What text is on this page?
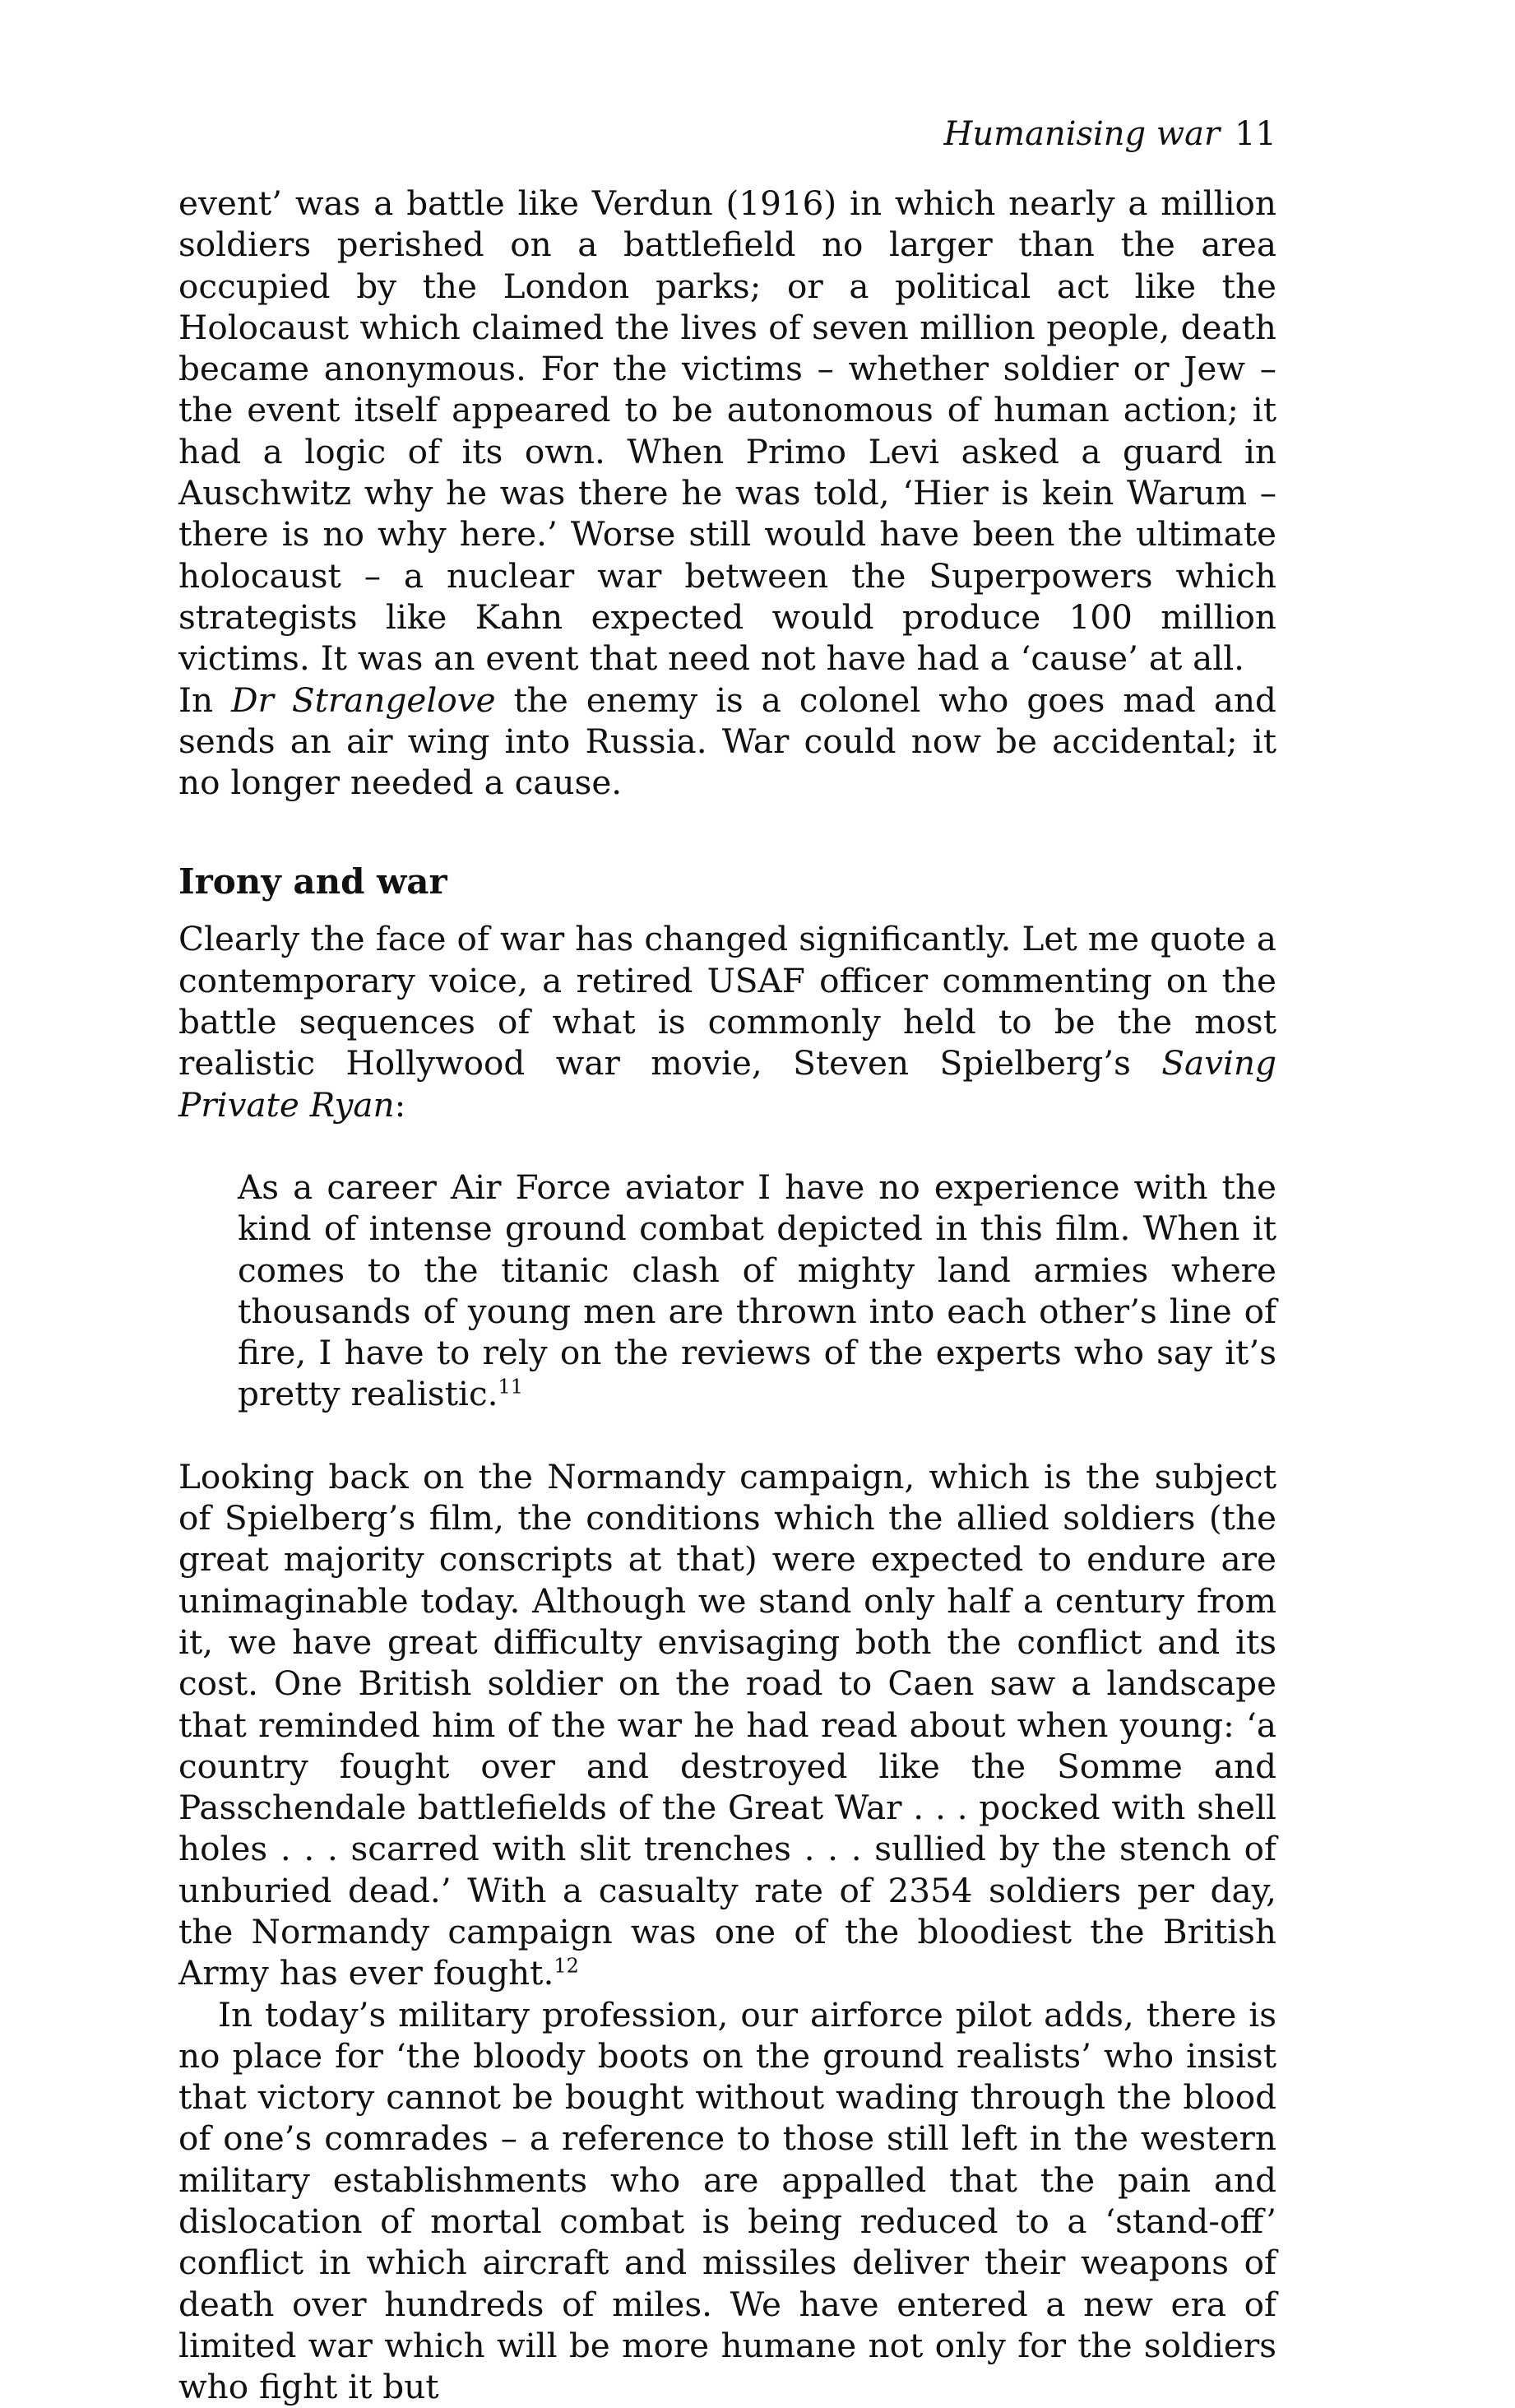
Humanising war 11

event’ was a battle like Verdun (1916) in which nearly a million soldiers perished on a battlefield no larger than the area occupied by the London parks; or a political act like the Holocaust which claimed the lives of seven million people, death became anonymous. For the victims – whether soldier or Jew – the event itself appeared to be autonomous of human action; it had a logic of its own. When Primo Levi asked a guard in Auschwitz why he was there he was told, ‘Hier is kein Warum – there is no why here.’ Worse still would have been the ultimate holocaust – a nuclear war between the Superpowers which strategists like Kahn expected would produce 100 million victims. It was an event that need not have had a ‘cause’ at all.

In Dr Strangelove the enemy is a colonel who goes mad and sends an air wing into Russia. War could now be accidental; it no longer needed a cause.

Irony and war

Clearly the face of war has changed significantly. Let me quote a contemporary voice, a retired USAF officer commenting on the battle sequences of what is commonly held to be the most realistic Hollywood war movie, Steven Spielberg’s Saving Private Ryan:

As a career Air Force aviator I have no experience with the kind of intense ground combat depicted in this film. When it comes to the titanic clash of mighty land armies where thousands of young men are thrown into each other’s line of fire, I have to rely on the reviews of the experts who say it’s pretty realistic.$^{11}$

Looking back on the Normandy campaign, which is the subject of Spielberg’s film, the conditions which the allied soldiers (the great majority conscripts at that) were expected to endure are unimaginable today. Although we stand only half a century from it, we have great difficulty envisaging both the conflict and its cost. One British soldier on the road to Caen saw a landscape that reminded him of the war he had read about when young: ‘a country fought over and destroyed like the Somme and Passchendale battlefields of the Great War . . . pocked with shell holes . . . scarred with slit trenches . . . sullied by the stench of unburied dead.’ With a casualty rate of 2354 soldiers per day, the Normandy campaign was one of the bloodiest the British Army has ever fought.$^{12}$

In today’s military profession, our airforce pilot adds, there is no place for ‘the bloody boots on the ground realists’ who insist that victory cannot be bought without wading through the blood of one’s comrades – a reference to those still left in the western military establishments who are appalled that the pain and dislocation of mortal combat is being reduced to a ‘stand-off’ conflict in which aircraft and missiles deliver their weapons of death over hundreds of miles. We have entered a new era of limited war which will be more humane not only for the soldiers who fight it but
